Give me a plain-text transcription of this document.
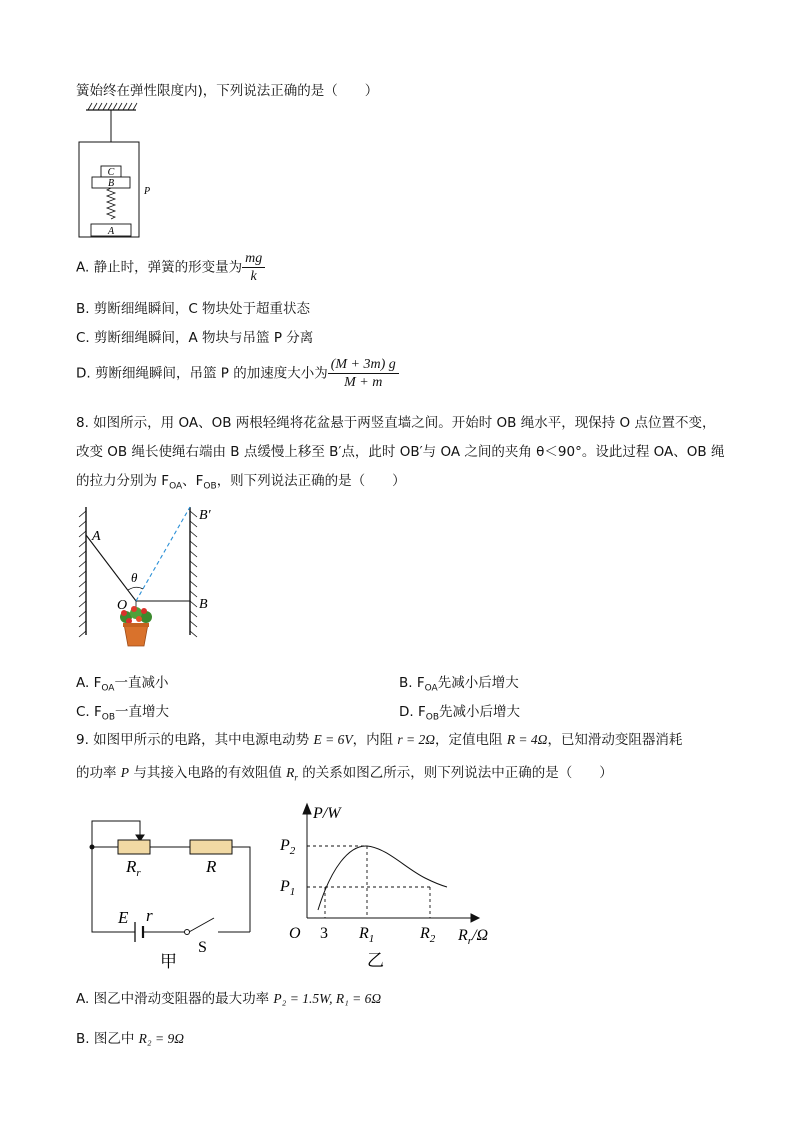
簧始终在弹性限度内)，下列说法正确的是（　　）
C
B
A
P
A. 静止时，弹簧的形变量为 $\frac{mg}{k}$
B. 剪断细绳瞬间，C 物块处于超重状态
C. 剪断细绳瞬间，A 物块与吊篮 P 分离
D. 剪断细绳瞬间，吊篮 P 的加速度大小为 $\frac{(M + 3m) g}{M + m}$
8. 如图所示，用 OA、OB 两根轻绳将花盆悬于两竖直墙之间。开始时 OB 绳水平，现保持 O 点位置不变，
改变 OB 绳长使绳右端由 B 点缓慢上移至 B′点，此时 OB′与 OA 之间的夹角 θ＜90°。设此过程 OA、OB 绳
的拉力分别为 $F_{OA}$、$F_{OB}$，则下列说法正确的是（　　）
A
B
B′
O
θ
A. $F_{OA}$一直减小	B. $F_{OA}$先减小后增大
C. $F_{OB}$一直增大	D. $F_{OB}$先减小后增大
9. 如图甲所示的电路，其中电源电动势 E = 6V，内阻 r = 2Ω，定值电阻 R = 4Ω，已知滑动变阻器消耗
的功率 P 与其接入电路的有效阻值 $R_r$ 的关系如图乙所示，则下列说法中正确的是（　　）
$R_r$	R
E r
S
甲
P/W
$P_2$
$P_1$
O 3 $R_1$	$R_2$ $R_r/\Omega$
乙
A. 图乙中滑动变阻器的最大功率 P₂ = 1.5W, R₁ = 6Ω
B. 图乙中 R₂ = 9Ω
